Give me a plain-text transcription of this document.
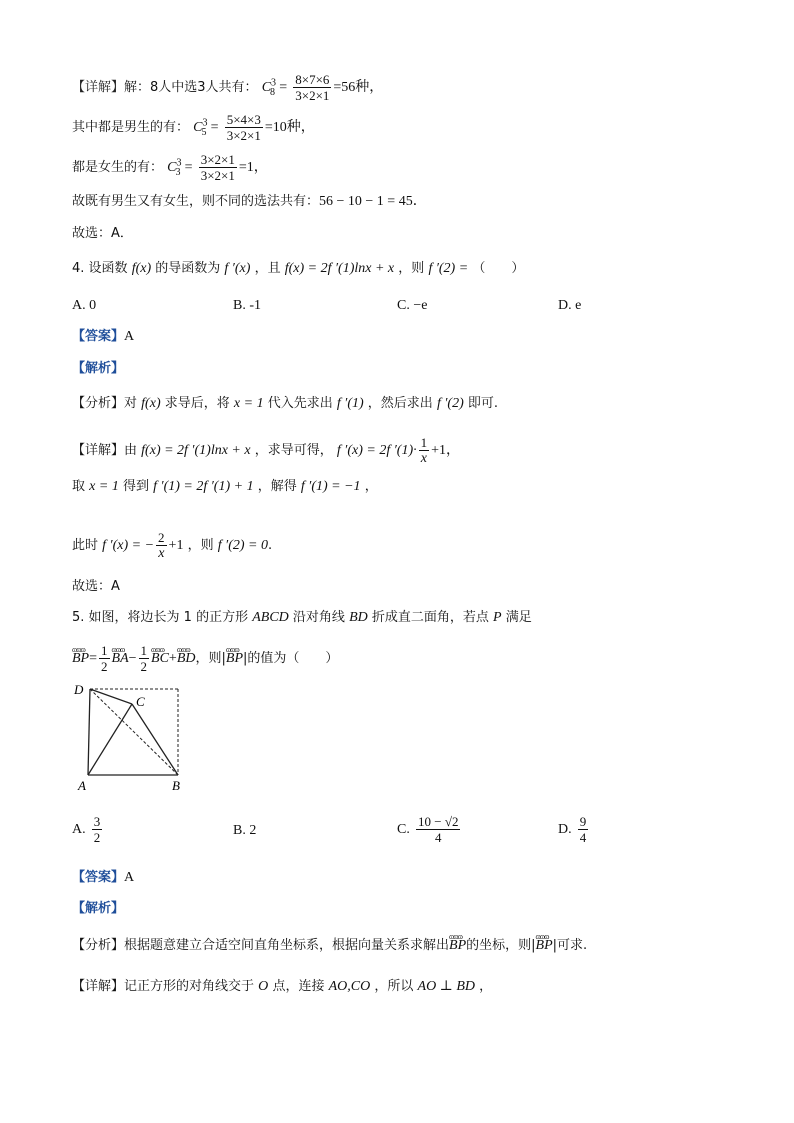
【详解】解：8人中选3人共有： $C^3_8 = \frac{8\times 7\times 6}{3\times 2\times 1} =56$种，
其中都是男生的有： $C^3_5 = \frac{5\times 4\times 3}{3\times 2\times 1} =10$种，
都是女生的有： $C^3_3 = \frac{3\times 2\times 1}{3\times 2\times 1} =1$，
故既有男生又有女生，则不同的选法共有：56 − 10 − 1 = 45．
故选：A．
4. 设函数 f(x) 的导函数为 f ′(x) ，且 f(x) = 2f ′(1)lnx + x ，则 f ′(2) = （　　）
A. 0	B. -1	C. −e	D. e
【答案】A
【解析】
【分析】对 f(x) 求导后，将 x = 1 代入先求出 f ′(1) ，然后求出 f ′(2) 即可.
【详解】由 f(x) = 2f ′(1)lnx + x ，求导可得， f ′(x) = 2f $'(1)\cdot \frac{1}{x} +1$，
取 x = 1 得到 f ′(1) = 2f ′(1) + 1 ，解得 f ′(1) = −1 ，
此时 f ′(x) = − $\frac{2}{x} +1$ ，则 f ′(2) = 0.
故选：A
5. 如图，将边长为 1 的正方形 ABCD 沿对角线 BD 折成直二面角，若点 P 满足
ɷɷɷ $BP= \frac{1}{2}$ ɷɷɷ $BA- \frac{1}{2}$ ɷɷɷ BC+ɷɷɷ BD，则|ɷɷɷ BP|的值为（　　）
D
C
A	B
A. $\frac{3}{2}$	B. 2	C. $\frac{10 - √2}{4}$	D. $\frac{9}{4}$
【答案】A
【解析】
【分析】根据题意建立合适空间直角坐标系，根据向量关系求解出ɷɷɷ BP的坐标，则|ɷɷɷ BP|可求.
【详解】记正方形的对角线交于 O 点，连接 AO,CO ，所以 AO ⊥ BD ，
